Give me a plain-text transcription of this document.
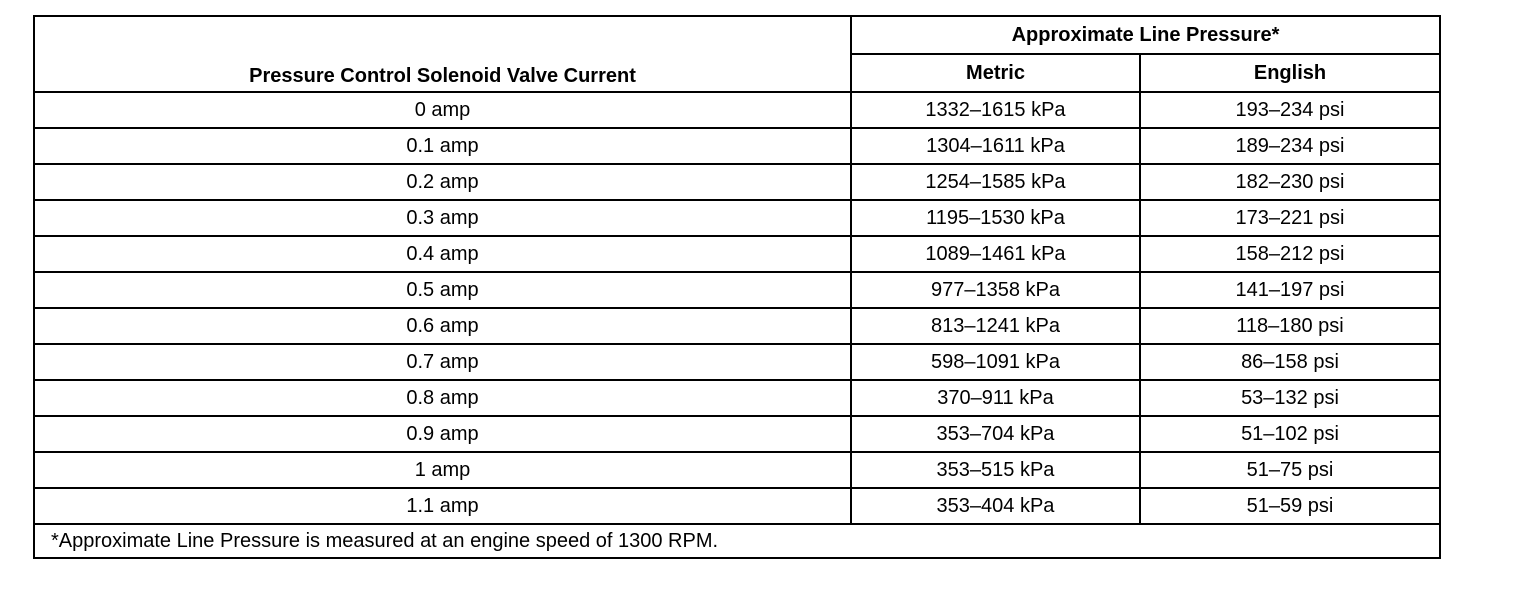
Pressure Control Solenoid Valve Current	Approximate Line Pressure*	
	Metric	English
0 amp	1332–1615 kPa	193–234 psi
0.1 amp	1304–1611 kPa	189–234 psi
0.2 amp	1254–1585 kPa	182–230 psi
0.3 amp	1195–1530 kPa	173–221 psi
0.4 amp	1089–1461 kPa	158–212 psi
0.5 amp	977–1358 kPa	141–197 psi
0.6 amp	813–1241 kPa	118–180 psi
0.7 amp	598–1091 kPa	86–158 psi
0.8 amp	370–911 kPa	53–132 psi
0.9 amp	353–704 kPa	51–102 psi
1 amp	353–515 kPa	51–75 psi
1.1 amp	353–404 kPa	51–59 psi
*Approximate Line Pressure is measured at an engine speed of 1300 RPM.		
